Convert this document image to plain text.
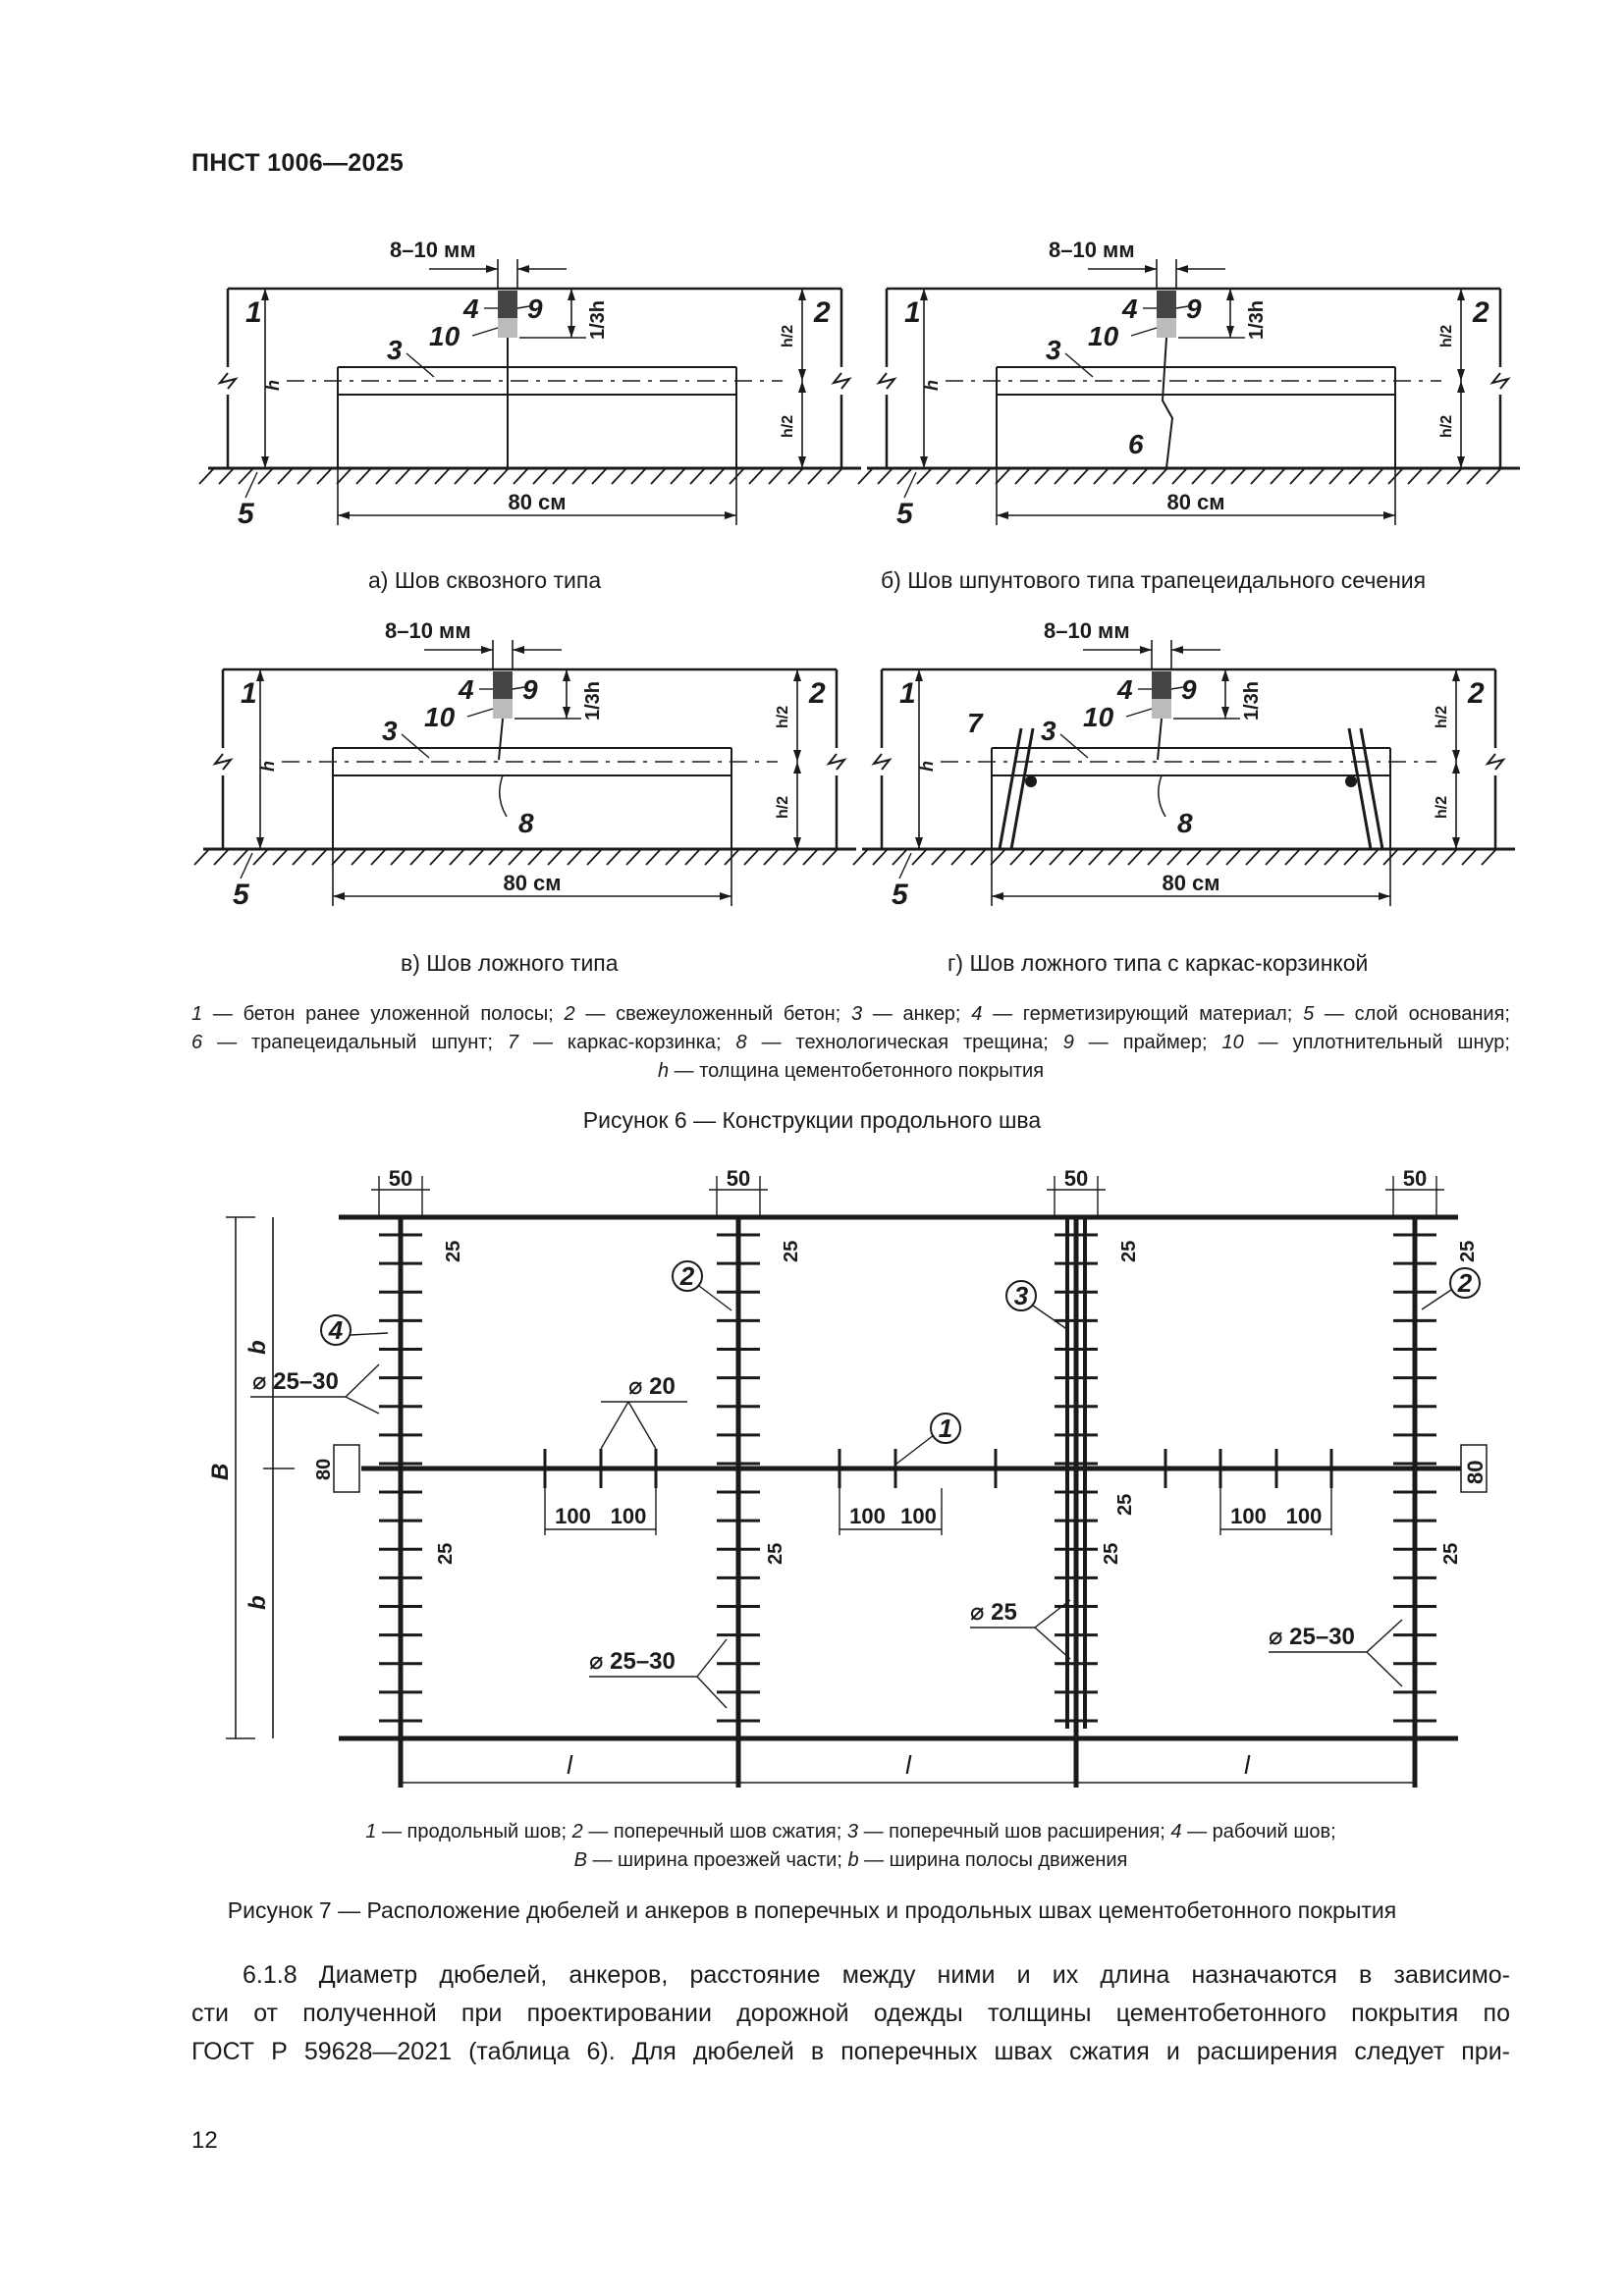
ПНСТ 1006—2025
8–10 мм
1/3h
4 9
10
3
h
1
h/2
h/2
2
5	80 см
8–10 мм
1/3h
4 9
10
3
h
1
h/2
h/2
2
5	80 см
6
8–10 мм
1/3h
4 9
10
3
h
1
h/2
h/2
2
5	80 см
8
8–10 мм
1/3h
4 9
10
3
h
1
h/2
h/2
2
5	80 см
8
7
50
25
50
25
50
25
50
25
25	25	25	25
25
80	80
100 100	100 100	100 100
⌀ 20
⌀ 25–30
⌀ 25–30
⌀ 25
⌀ 25–30
4
2
3
1
2
B
b
b
l	l	l
а) Шов сквозного типа	б) Шов шпунтового типа трапецеидального сечения
в) Шов ложного типа	г) Шов ложного типа с каркас-корзинкой
1 — бетон ранее уложенной полосы; 2 — свежеуложенный бетон; 3 — анкер; 4 — герметизирующий материал; 5 — слой основания;
6 — трапецеидальный шпунт; 7 — каркас-корзинка; 8 — технологическая трещина; 9 — праймер; 10 — уплотнительный шнур;
h — толщина цементобетонного покрытия
Рисунок 6 — Конструкции продольного шва
1 — продольный шов; 2 — поперечный шов сжатия; 3 — поперечный шов расширения; 4 — рабочий шов;
B — ширина проезжей части; b — ширина полосы движения
Рисунок 7 — Расположение дюбелей и анкеров в поперечных и продольных швах цементобетонного покрытия

6.1.8 Диаметр дюбелей, анкеров, расстояние между ними и их длина назначаются в зависимо-

сти от полученной при проектировании дорожной одежды толщины цементобетонного покрытия по

ГОСТ Р 59628—2021 (таблица 6). Для дюбелей в поперечных швах сжатия и расширения следует при-

12
